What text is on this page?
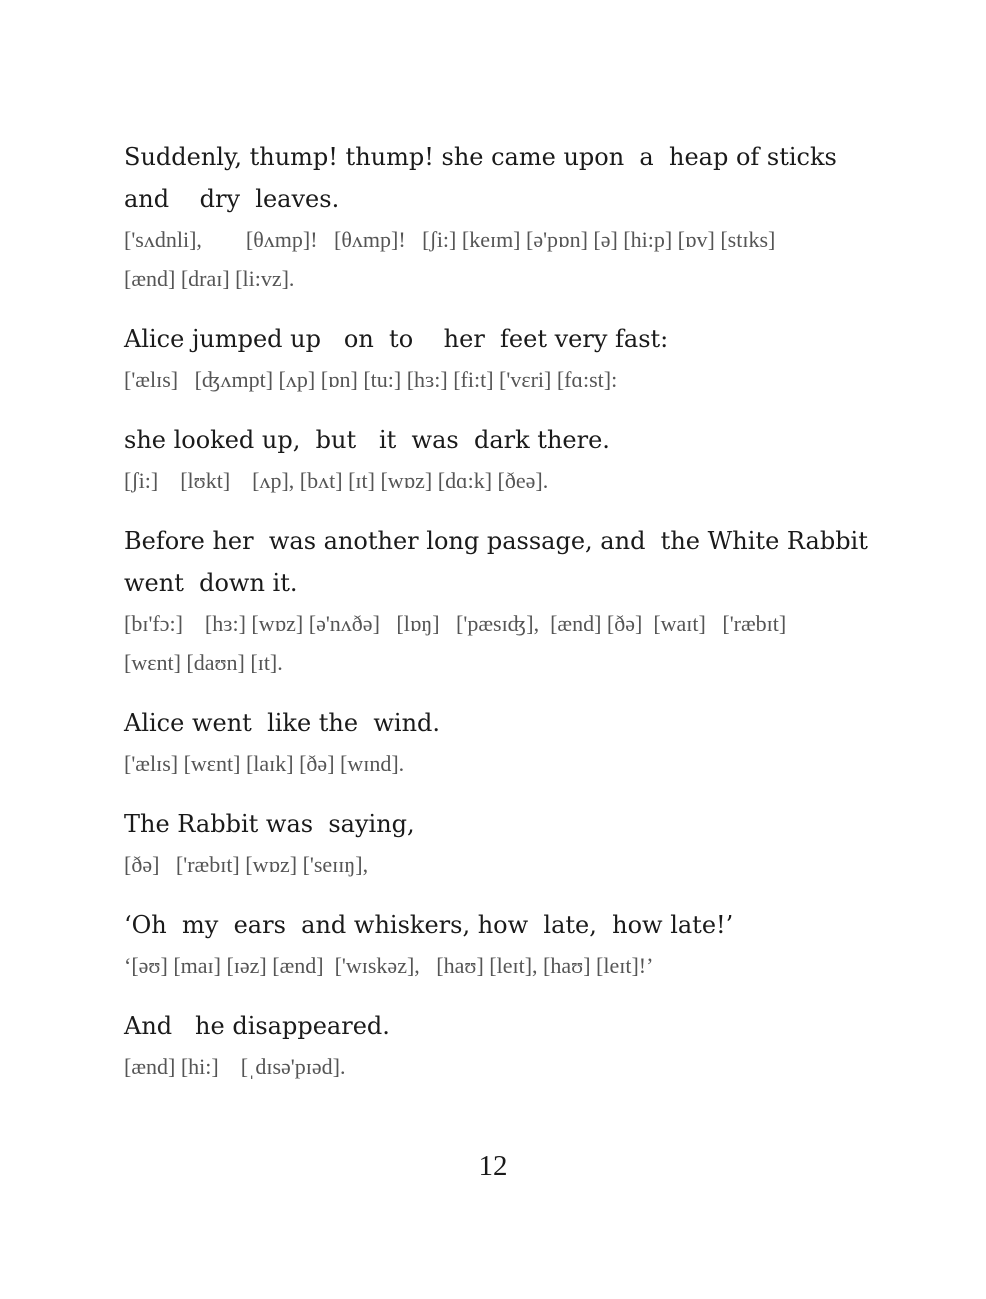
Suddenly, thump! thump! she came upon  a  heap of sticks

and    dry  leaves.

['sʌdnli],        [θʌmp]!   [θʌmp]!   [ʃi:] [keɪm] [ə'pɒn] [ə] [hi:p] [ɒv] [stɪks]

[ænd] [draɪ] [li:vz].

Alice jumped up   on  to    her  feet very fast:

['ælɪs]   [ʤʌmpt] [ʌp] [ɒn] [tu:] [hɜ:] [fi:t] ['vɛri] [fɑ:st]:

she looked up,  but   it  was  dark there.

[ʃi:]    [lʊkt]    [ʌp], [bʌt] [ɪt] [wɒz] [dɑ:k] [ðeə].

Before her  was another long passage, and  the White Rabbit

went  down it.

[bɪ'fɔ:]    [hɜ:] [wɒz] [ə'nʌðə]   [lɒŋ]   ['pæsɪʤ],  [ænd] [ðə]  [waɪt]   ['ræbɪt]

[wɛnt] [daʊn] [ɪt].

Alice went  like the  wind.

['ælɪs] [wɛnt] [laɪk] [ðə] [wɪnd].

The Rabbit was  saying,

[ðə]   ['ræbɪt] [wɒz] ['seɪɪŋ],

‘Oh  my  ears  and whiskers, how  late,  how late!’

‘[əʊ] [maɪ] [ɪəz] [ænd]  ['wɪskəz],   [haʊ] [leɪt], [haʊ] [leɪt]!’

And   he disappeared.

[ænd] [hi:]    [ˌdɪsə'pɪəd].

12
